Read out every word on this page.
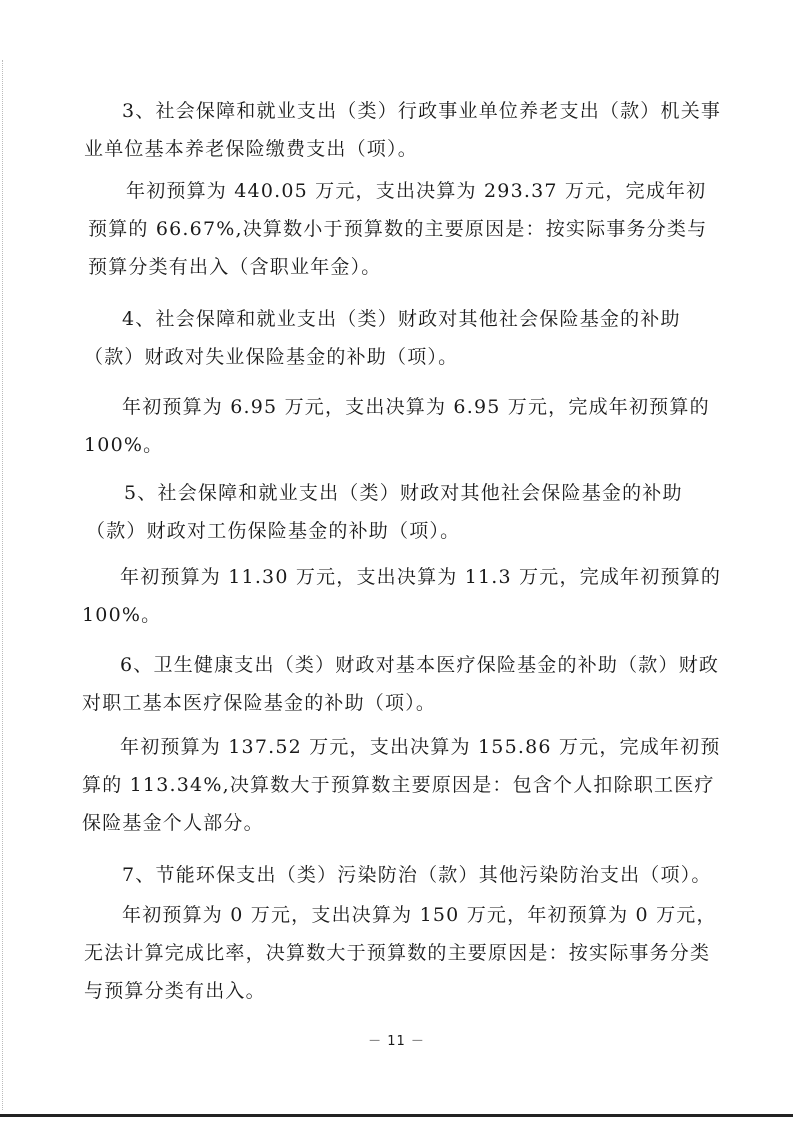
3、社会保障和就业支出（类）行政事业单位养老支出（款）机关事业单位基本养老保险缴费支出（项）。

年初预算为 440.05 万元，支出决算为 293.37 万元，完成年初预算的 66.67%,决算数小于预算数的主要原因是：按实际事务分类与预算分类有出入（含职业年金）。

4、社会保障和就业支出（类）财政对其他社会保险基金的补助（款）财政对失业保险基金的补助（项）。

年初预算为 6.95 万元，支出决算为 6.95 万元，完成年初预算的 100%。

5、社会保障和就业支出（类）财政对其他社会保险基金的补助（款）财政对工伤保险基金的补助（项）。

年初预算为 11.30 万元，支出决算为 11.3 万元，完成年初预算的 100%。

6、卫生健康支出（类）财政对基本医疗保险基金的补助（款）财政对职工基本医疗保险基金的补助（项）。

年初预算为 137.52 万元，支出决算为 155.86 万元，完成年初预算的 113.34%,决算数大于预算数主要原因是：包含个人扣除职工医疗保险基金个人部分。

7、节能环保支出（类）污染防治（款）其他污染防治支出（项）。

年初预算为 0 万元，支出决算为 150 万元，年初预算为 0 万元，无法计算完成比率，决算数大于预算数的主要原因是：按实际事务分类与预算分类有出入。

－ 11 －
